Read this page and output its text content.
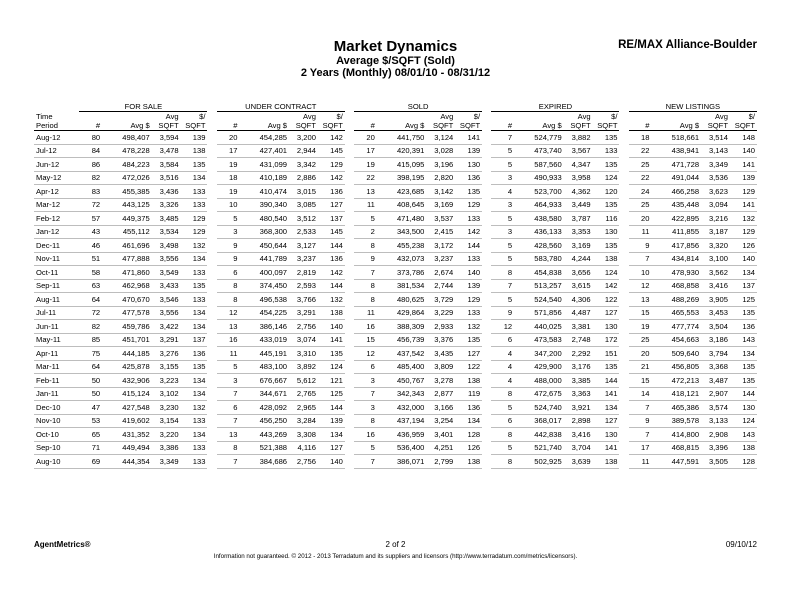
Market Dynamics
Average $/SQFT (Sold)
2 Years (Monthly) 08/01/10 - 08/31/12
RE/MAX Alliance-Boulder
	FOR SALE					UNDER CONTRACT					SOLD					EXPIRED					NEW LISTINGS			
Time			Avg	$/				Avg	$/				Avg	$/				Avg	$/				Avg	$/
Period	#	Avg $	SQFT	SQFT		#	Avg $	SQFT	SQFT		#	Avg $	SQFT	SQFT		#	Avg $	SQFT	SQFT		#	Avg $	SQFT	SQFT
Aug-12	80	498,407	3,594	139		20	454,285	3,200	142		20	441,750	3,124	141		7	524,779	3,882	135		18	518,661	3,514	148
Jul-12	84	478,228	3,478	138		17	427,401	2,944	145		17	420,391	3,028	139		5	473,740	3,567	133		22	438,941	3,143	140
Jun-12	86	484,223	3,584	135		19	431,099	3,342	129		19	415,095	3,196	130		5	587,560	4,347	135		25	471,728	3,349	141
May-12	82	472,026	3,516	134		18	410,189	2,886	142		22	398,195	2,820	136		3	490,933	3,958	124		22	491,044	3,536	139
Apr-12	83	455,385	3,436	133		19	410,474	3,015	136		13	423,685	3,142	135		4	523,700	4,362	120		24	466,258	3,623	129
Mar-12	72	443,125	3,326	133		10	390,340	3,085	127		11	408,645	3,169	129		3	464,933	3,449	135		25	435,448	3,094	141
Feb-12	57	449,375	3,485	129		5	480,540	3,512	137		5	471,480	3,537	133		5	438,580	3,787	116		20	422,895	3,216	132
Jan-12	43	455,112	3,534	129		3	368,300	2,533	145		2	343,500	2,415	142		3	436,133	3,353	130		11	411,855	3,187	129
Dec-11	46	461,696	3,498	132		9	450,644	3,127	144		8	455,238	3,172	144		5	428,560	3,169	135		9	417,856	3,320	126
Nov-11	51	477,888	3,556	134		9	441,789	3,237	136		9	432,073	3,237	133		5	583,780	4,244	138		7	434,814	3,100	140
Oct-11	58	471,860	3,549	133		6	400,097	2,819	142		7	373,786	2,674	140		8	454,838	3,656	124		10	478,930	3,562	134
Sep-11	63	462,968	3,433	135		8	374,450	2,593	144		8	381,534	2,744	139		7	513,257	3,615	142		12	468,858	3,416	137
Aug-11	64	470,670	3,546	133		8	496,538	3,766	132		8	480,625	3,729	129		5	524,540	4,306	122		13	488,269	3,905	125
Jul-11	72	477,578	3,556	134		12	454,225	3,291	138		11	429,864	3,229	133		9	571,856	4,487	127		15	465,553	3,453	135
Jun-11	82	459,786	3,422	134		13	386,146	2,756	140		16	388,309	2,933	132		12	440,025	3,381	130		19	477,774	3,504	136
May-11	85	451,701	3,291	137		16	433,019	3,074	141		15	456,739	3,376	135		6	473,583	2,748	172		25	454,663	3,186	143
Apr-11	75	444,185	3,276	136		11	445,191	3,310	135		12	437,542	3,435	127		4	347,200	2,292	151		20	509,640	3,794	134
Mar-11	64	425,878	3,155	135		5	483,100	3,892	124		6	485,400	3,809	122		4	429,900	3,176	135		21	456,805	3,368	135
Feb-11	50	432,906	3,223	134		3	676,667	5,612	121		3	450,767	3,278	138		4	488,000	3,385	144		15	472,213	3,487	135
Jan-11	50	415,124	3,102	134		7	344,671	2,765	125		7	342,343	2,877	119		8	472,675	3,363	141		14	418,121	2,907	144
Dec-10	47	427,548	3,230	132		6	428,092	2,965	144		3	432,000	3,166	136		5	524,740	3,921	134		7	465,386	3,574	130
Nov-10	53	419,602	3,154	133		7	456,250	3,284	139		8	437,194	3,254	134		6	368,017	2,898	127		9	389,578	3,133	124
Oct-10	65	431,352	3,220	134		13	443,269	3,308	134		16	436,959	3,401	128		8	442,838	3,416	130		7	414,800	2,908	143
Sep-10	71	449,494	3,386	133		8	521,388	4,116	127		5	536,400	4,251	126		5	521,740	3,704	141		17	468,815	3,396	138
Aug-10	69	444,354	3,349	133		7	384,686	2,756	140		7	386,071	2,799	138		8	502,925	3,639	138		11	447,591	3,505	128
AgentMetrics®	2 of 2	09/10/12
Information not guaranteed. © 2012 - 2013 Terradatum and its suppliers and licensors (http://www.terradatum.com/metrics/licensors).
